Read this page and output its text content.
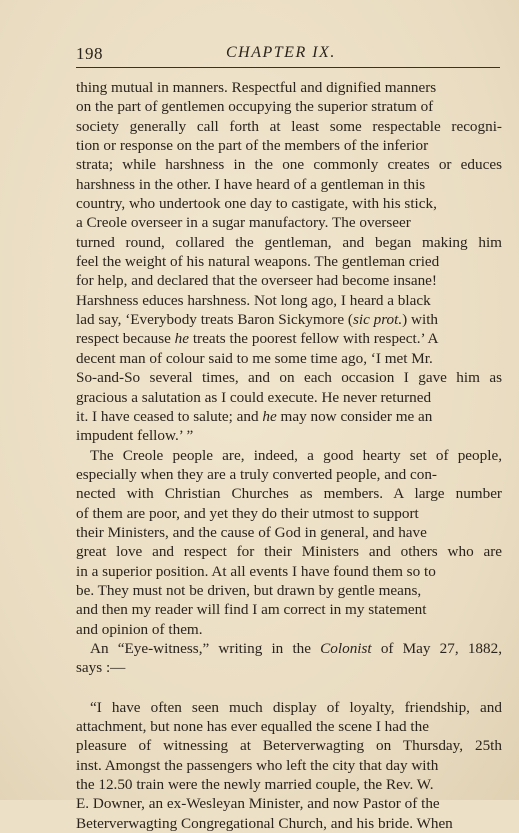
198	CHAPTER IX.
thing mutual in manners. Respectful and dignified manners
on the part of gentlemen occupying the superior stratum of
society generally call forth at least some respectable recogni-
tion or response on the part of the members of the inferior
strata; while harshness in the one commonly creates or educes
harshness in the other. I have heard of a gentleman in this
country, who undertook one day to castigate, with his stick,
a Creole overseer in a sugar manufactory. The overseer
turned round, collared the gentleman, and began making him
feel the weight of his natural weapons. The gentleman cried
for help, and declared that the overseer had become insane!
Harshness educes harshness. Not long ago, I heard a black
lad say, ‘Everybody treats Baron Sickymore (sic prot.) with
respect because he treats the poorest fellow with respect.’ A
decent man of colour said to me some time ago, ‘I met Mr.
So-and-So several times, and on each occasion I gave him as
gracious a salutation as I could execute. He never returned
it. I have ceased to salute; and he may now consider me an
impudent fellow.’ ”
The Creole people are, indeed, a good hearty set of people,
especially when they are a truly converted people, and con-
nected with Christian Churches as members. A large number
of them are poor, and yet they do their utmost to support
their Ministers, and the cause of God in general, and have
great love and respect for their Ministers and others who are
in a superior position. At all events I have found them so to
be. They must not be driven, but drawn by gentle means,
and then my reader will find I am correct in my statement
and opinion of them.
An “Eye-witness,” writing in the Colonist of May 27, 1882,
says :—
“I have often seen much display of loyalty, friendship, and
attachment, but none has ever equalled the scene I had the
pleasure of witnessing at Beterverwagting on Thursday, 25th
inst. Amongst the passengers who left the city that day with
the 12.50 train were the newly married couple, the Rev. W.
E. Downer, an ex-Wesleyan Minister, and now Pastor of the
Beterverwagting Congregational Church, and his bride. When
